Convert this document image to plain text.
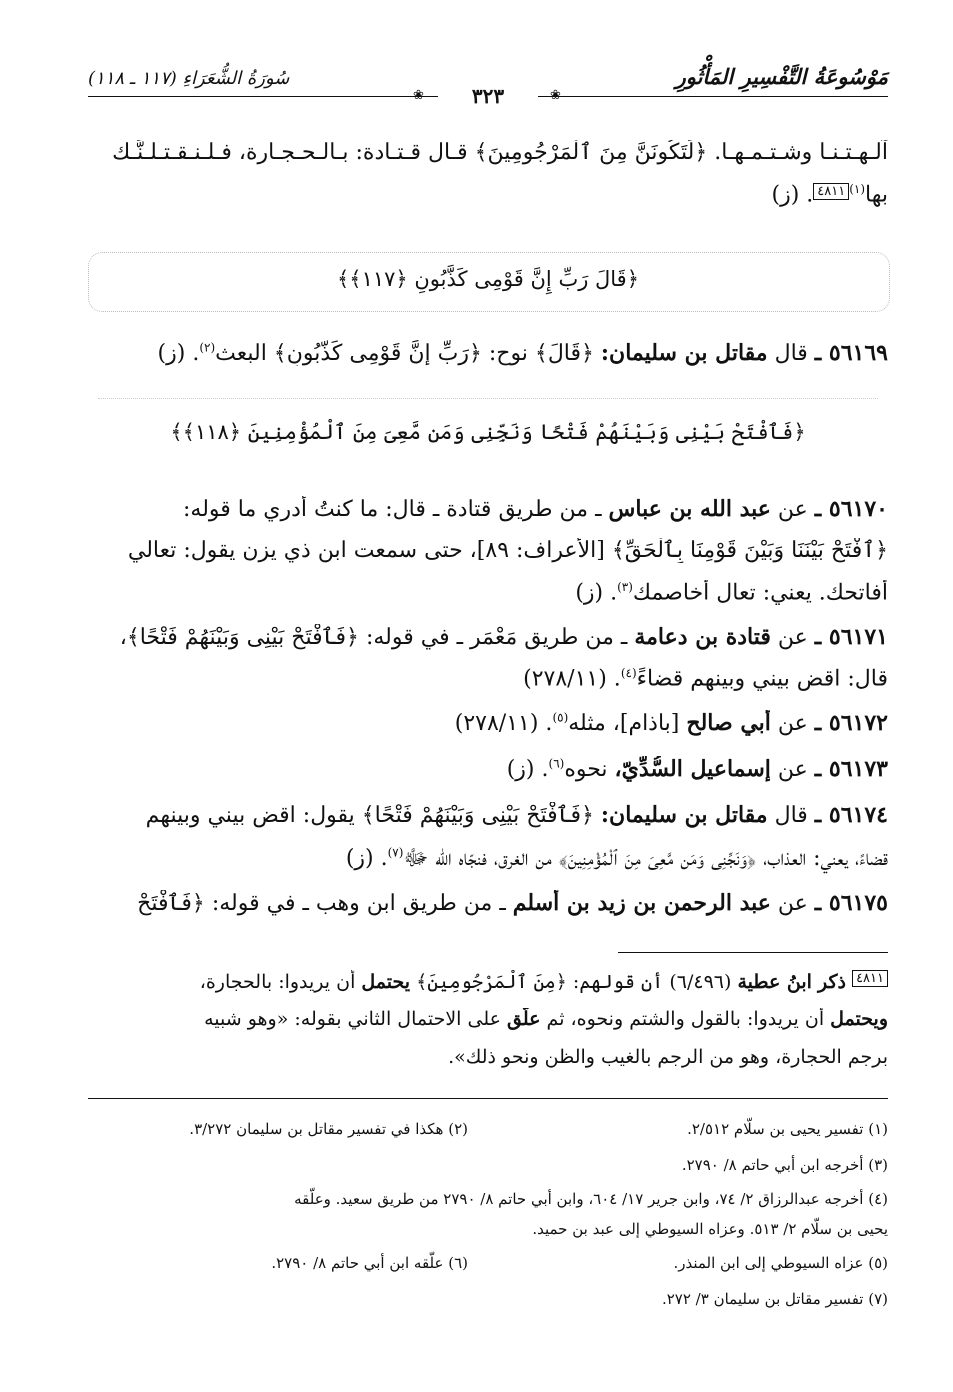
مَوْسُوعَةُ التَّفْسِيرِ المَأْثُورِ
سُورَةُ الشُّعَرَاءِ (١١٧ ـ ١١٨)
❀	٣٢٣	❀
آلـهـتـنـا وشـتـمـهـا. ﴿لَتَكُونَنَّ مِنَ ٱلْمَرْجُومِينَ﴾ قـال قـتـادة: بـالـحـجـارة، فـلـنـقـتـلـنَّـك
بها$^{(١)}$٤٨١١. (ز)
﴿قَالَ رَبِّ إِنَّ قَوْمِى كَذَّبُونِ ﴿١١٧﴾﴾
٥٦١٦٩ ـ قال مقاتل بن سليمان: ﴿قَالَ﴾ نوح: ﴿رَبِّ إِنَّ قَوْمِى كَذَّبُونِ﴾ البعث$^{(٢)}$. (ز)
﴿فَٱفْتَحْ بَيْنِى وَبَيْنَهُمْ فَتْحًا وَنَجِّنِى وَمَن مَّعِىَ مِنَ ٱلْمُؤْمِنِينَ ﴿١١٨﴾﴾
٥٦١٧٠ ـ عن عبد الله بن عباس ـ من طريق قتادة ـ قال: ما كنتُ أدري ما قوله:
﴿ٱفْتَحْ بَيْنَنَا وَبَيْنَ قَوْمِنَا بِٱلْحَقِّ﴾ [الأعراف: ٨٩]، حتى سمعت ابن ذي يزن يقول: تعالي
أُفاتحك. يعني: تعال أُخاصمك$^{(٣)}$. (ز)
٥٦١٧١ ـ عن قتادة بن دعامة ـ من طريق مَعْمَر ـ في قوله: ﴿فَٱفْتَحْ بَيْنِى وَبَيْنَهُمْ فَتْحًا﴾،
قال: اقضِ بيني وبينهم قضاءً$^{(٤)}$. (٢٧٨/١١)
٥٦١٧٢ ـ عن أبي صالح [باذام]، مثله$^{(٥)}$. (٢٧٨/١١)
٥٦١٧٣ ـ عن إسماعيل السُّدِّيّ، نحوه$^{(٦)}$. (ز)
٥٦١٧٤ ـ قال مقاتل بن سليمان: ﴿فَٱفْتَحْ بَيْنِى وَبَيْنَهُمْ فَتْحًا﴾ يقول: اقض بيني وبينهم
قضاءً، يعني: العذاب، ﴿وَنَجِّنِى وَمَن مَّعِىَ مِنَ ٱلْمُؤْمِنِينَ﴾ من الغرق، فنجّاه الله ﷻ$^{(٧)}$. (ز)
٥٦١٧٥ ـ عن عبد الرحمن بن زيد بن أسلم ـ من طريق ابن وهب ـ في قوله: ﴿فَٱفْتَحْ
٤٨١١ ذكر ابنُ عطية (٦/٤٩٦) أن قولهم: ﴿مِنَ ٱلْمَرْجُومِينَ﴾ يحتمل أن يريدوا: بالحجارة،
ويحتمل أن يريدوا: بالقول والشتم ونحوه، ثم علّق على الاحتمال الثاني بقوله: «وهو شبيه
برجم الحجارة، وهو من الرجم بالغيب والظن ونحو ذلك».
(١) تفسير يحيى بن سلّام ٢/٥١٢.
(٢) هكذا في تفسير مقاتل بن سليمان ٣/٢٧٢.
(٣) أخرجه ابن أبي حاتم ٨/ ٢٧٩٠.
(٤) أخرجه عبدالرزاق ٢/ ٧٤، وابن جرير ١٧/ ٦٠٤، وابن أبي حاتم ٨/ ٢٧٩٠ من طريق سعيد. وعلّقه
يحيى بن سلّام ٢/ ٥١٣. وعزاه السيوطي إلى عبد بن حميد.
(٥) عزاه السيوطي إلى ابن المنذر.
(٦) علّقه ابن أبي حاتم ٨/ ٢٧٩٠.
(٧) تفسير مقاتل بن سليمان ٣/ ٢٧٢.
